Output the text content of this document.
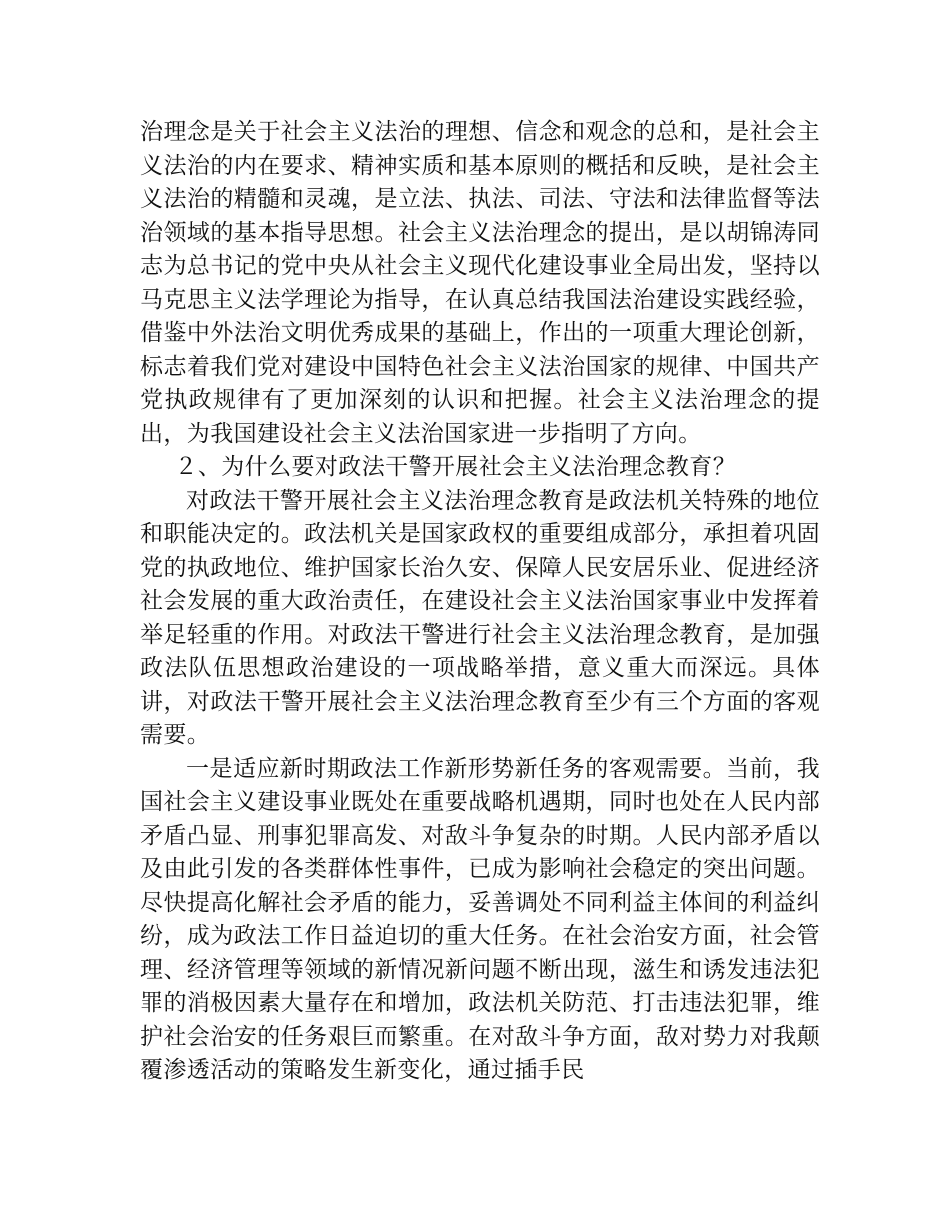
治理念是关于社会主义法治的理想、信念和观念的总和，是社会主义法治的内在要求、精神实质和基本原则的概括和反映，是社会主义法治的精髓和灵魂，是立法、执法、司法、守法和法律监督等法治领域的基本指导思想。社会主义法治理念的提出，是以胡锦涛同志为总书记的党中央从社会主义现代化建设事业全局出发，坚持以马克思主义法学理论为指导，在认真总结我国法治建设实践经验，借鉴中外法治文明优秀成果的基础上，作出的一项重大理论创新，标志着我们党对建设中国特色社会主义法治国家的规律、中国共产党执政规律有了更加深刻的认识和把握。社会主义法治理念的提出，为我国建设社会主义法治国家进一步指明了方向。

２、为什么要对政法干警开展社会主义法治理念教育？

对政法干警开展社会主义法治理念教育是政法机关特殊的地位和职能决定的。政法机关是国家政权的重要组成部分，承担着巩固党的执政地位、维护国家长治久安、保障人民安居乐业、促进经济社会发展的重大政治责任，在建设社会主义法治国家事业中发挥着举足轻重的作用。对政法干警进行社会主义法治理念教育，是加强政法队伍思想政治建设的一项战略举措，意义重大而深远。具体讲，对政法干警开展社会主义法治理念教育至少有三个方面的客观需要。

一是适应新时期政法工作新形势新任务的客观需要。当前，我国社会主义建设事业既处在重要战略机遇期，同时也处在人民内部矛盾凸显、刑事犯罪高发、对敌斗争复杂的时期。人民内部矛盾以及由此引发的各类群体性事件，已成为影响社会稳定的突出问题。尽快提高化解社会矛盾的能力，妥善调处不同利益主体间的利益纠纷，成为政法工作日益迫切的重大任务。在社会治安方面，社会管理、经济管理等领域的新情况新问题不断出现，滋生和诱发违法犯罪的消极因素大量存在和增加，政法机关防范、打击违法犯罪，维护社会治安的任务艰巨而繁重。在对敌斗争方面，敌对势力对我颠覆渗透活动的策略发生新变化，通过插手民
